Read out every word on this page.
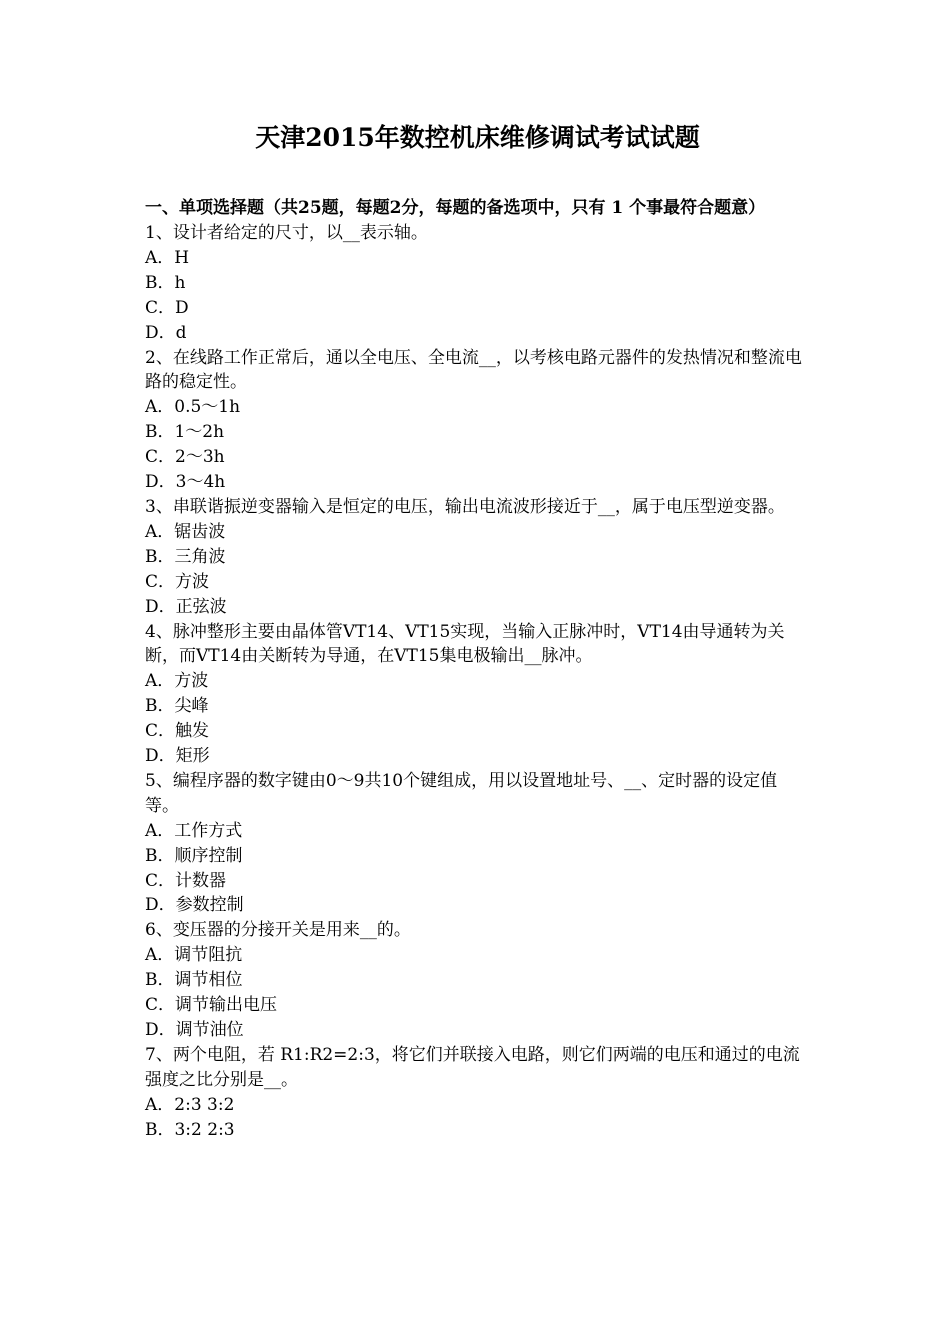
天津2015年数控机床维修调试考试试题

一、单项选择题（共25题，每题2分，每题的备选项中，只有 1 个事最符合题意）

1、设计者给定的尺寸，以__表示轴。

A．H

B．h

C．D

D．d

2、在线路工作正常后，通以全电压、全电流__，以考核电路元器件的发热情况和整流电路的稳定性。

A．0.5～1h

B．1～2h

C．2～3h

D．3～4h

3、串联谐振逆变器输入是恒定的电压，输出电流波形接近于__，属于电压型逆变器。

A．锯齿波

B．三角波

C．方波

D．正弦波

4、脉冲整形主要由晶体管VT14、VT15实现，当输入正脉冲时，VT14由导通转为关断，而VT14由关断转为导通，在VT15集电极输出__脉冲。

A．方波

B．尖峰

C．触发

D．矩形

5、编程序器的数字键由0～9共10个键组成，用以设置地址号、__、定时器的设定值等。

A．工作方式

B．顺序控制

C．计数器

D．参数控制

6、变压器的分接开关是用来__的。

A．调节阻抗

B．调节相位

C．调节输出电压

D．调节油位

7、两个电阻，若 R1:R2=2:3，将它们并联接入电路，则它们两端的电压和通过的电流强度之比分别是__。

A．2:3 3:2

B．3:2 2:3
